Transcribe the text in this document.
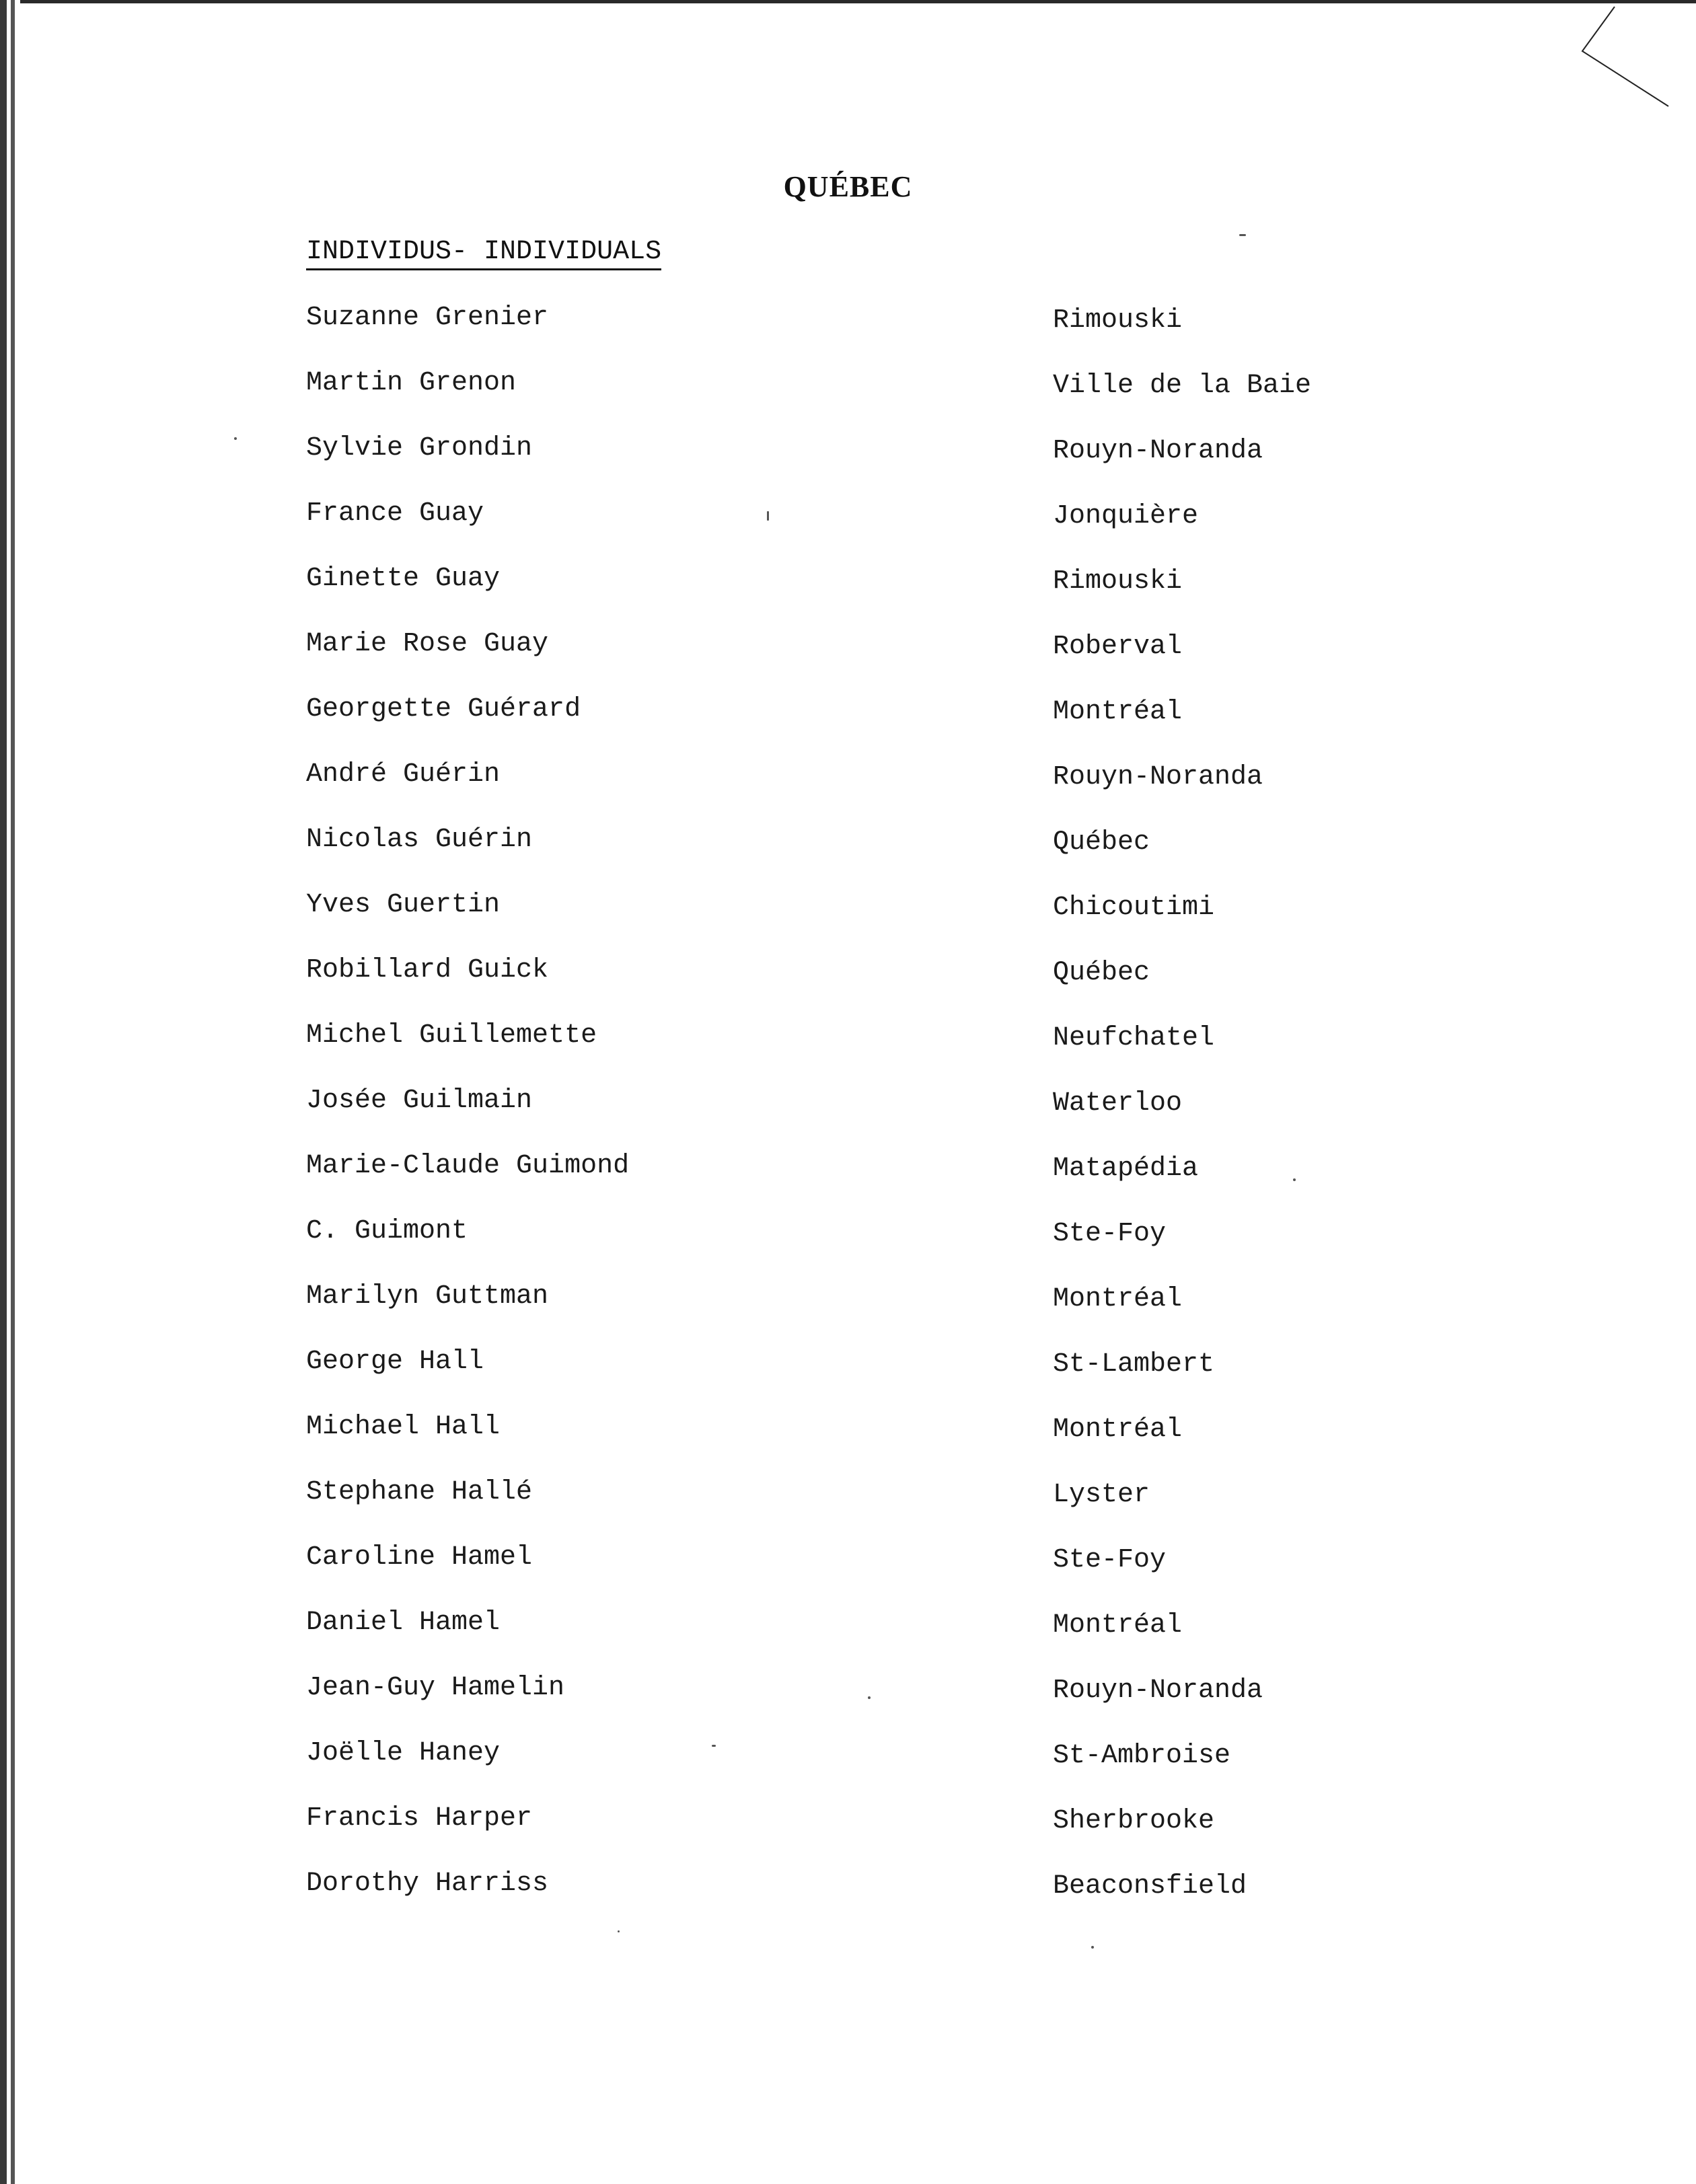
QUÉBEC
INDIVIDUS- INDIVIDUALS
Suzanne Grenier	Rimouski
Martin Grenon	Ville de la Baie
Sylvie Grondin	Rouyn-Noranda
France Guay	Jonquière
Ginette Guay	Rimouski
Marie Rose Guay	Roberval
Georgette Guérard	Montréal
André Guérin	Rouyn-Noranda
Nicolas Guérin	Québec
Yves Guertin	Chicoutimi
Robillard Guick	Québec
Michel Guillemette	Neufchatel
Josée Guilmain	Waterloo
Marie-Claude Guimond	Matapédia
C. Guimont	Ste-Foy
Marilyn Guttman	Montréal
George Hall	St-Lambert
Michael Hall	Montréal
Stephane Hallé	Lyster
Caroline Hamel	Ste-Foy
Daniel Hamel	Montréal
Jean-Guy Hamelin	Rouyn-Noranda
Joëlle Haney	St-Ambroise
Francis Harper	Sherbrooke
Dorothy Harriss	Beaconsfield
